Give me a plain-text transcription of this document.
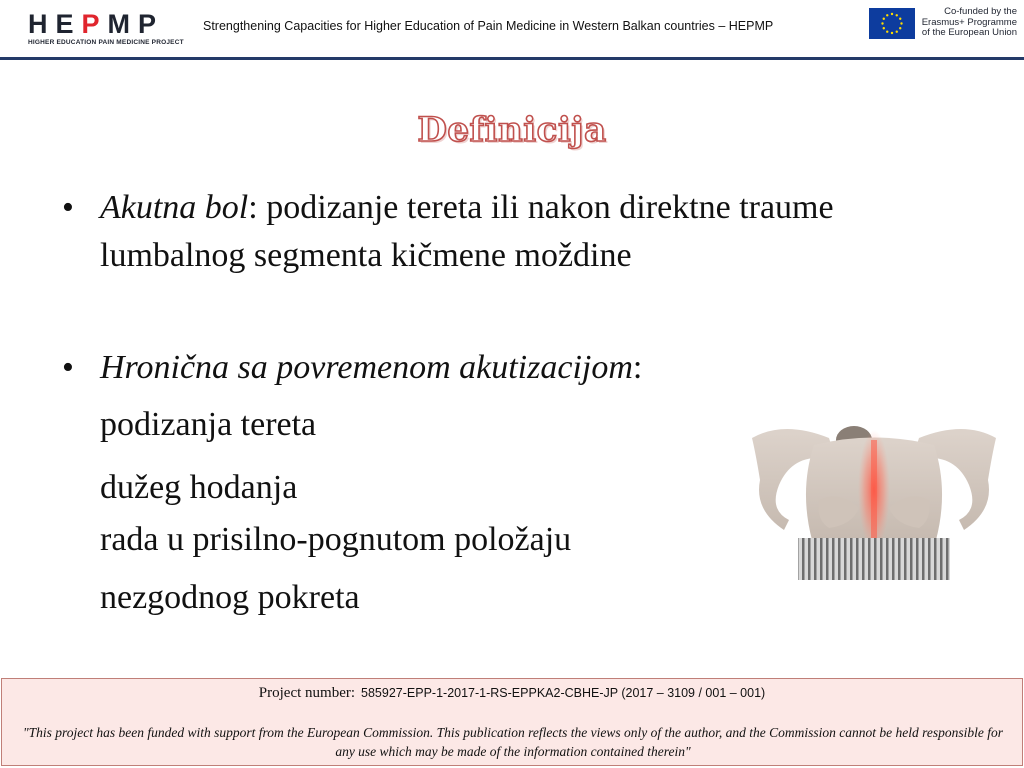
HEPMP
HIGHER EDUCATION PAIN MEDICINE PROJECT
Strengthening Capacities for Higher Education of Pain Medicine in Western Balkan countries – HEPMP
Co-funded by the
Erasmus+ Programme
of the European Union
Definicija
• Akutna bol: podizanje tereta ili nakon direktne traume
lumbalnog segmenta kičmene moždine
• Hronična sa povremenom akutizacijom:
podizanja tereta
dužeg hodanja
rada u prisilno-pognutom položaju
nezgodnog pokreta
Project number: 585927-EPP-1-2017-1-RS-EPPKA2-CBHE-JP (2017 – 3109 / 001 – 001)
"This project has been funded with support from the European Commission. This publication reflects the views only of the author, and the Commission cannot be held responsible for any use which may be made of the information contained therein"
